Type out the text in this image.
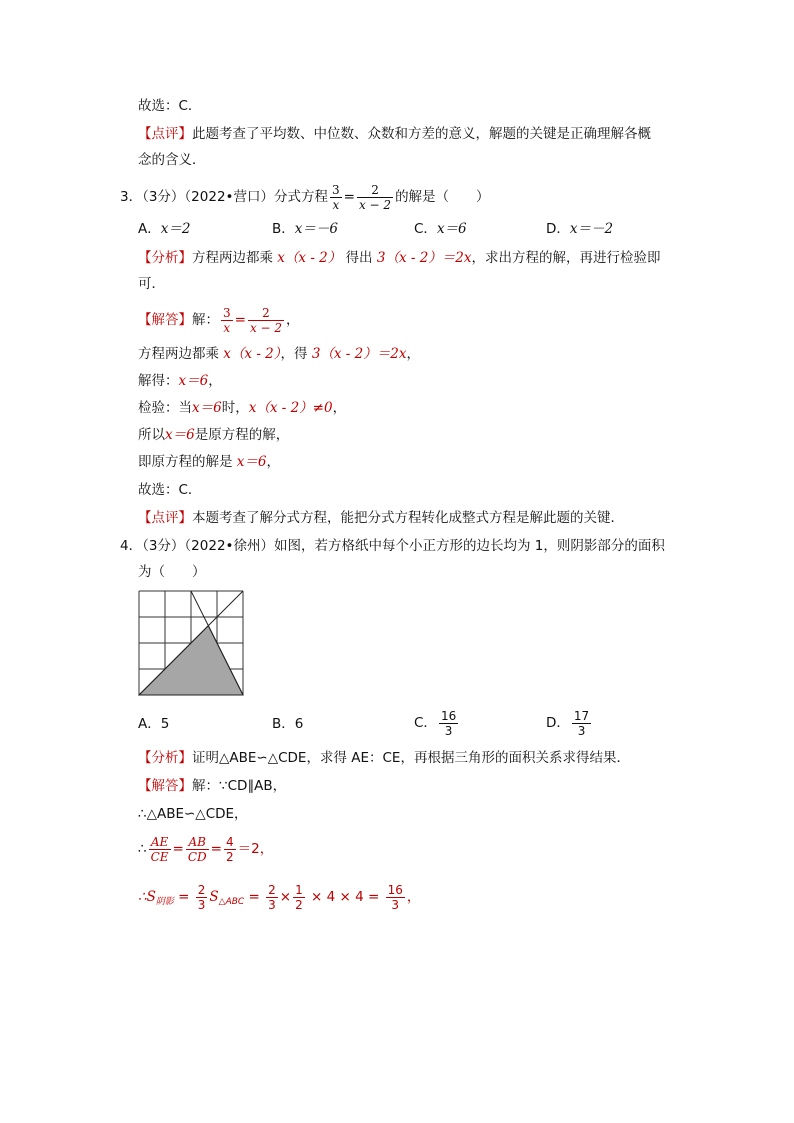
故选：C．
【点评】此题考查了平均数、中位数、众数和方差的意义，解题的关键是正确理解各概
念的含义．
3．（3分）（2022•营口）分式方程 $\frac{3}{x} = \frac{2}{x - 2}$ 的解是（　　）
A．x＝2	B．x＝－6	C．x＝6	D．x＝－2
【分析】方程两边都乘 x（x - 2） 得出 3（x - 2）＝2x，求出方程的解，再进行检验即
可．
【解答】解： $\frac{3}{x} = \frac{2}{x - 2}$ ，
方程两边都乘 x（x - 2），得 3（x - 2）＝2x，
解得：x＝6，
检验：当x＝6时，x（x - 2）≠0，
所以x＝6是原方程的解，
即原方程的解是 x＝6，
故选：C．
【点评】本题考查了解分式方程，能把分式方程转化成整式方程是解此题的关键．
4．（3分）（2022•徐州）如图，若方格纸中每个小正方形的边长均为 1，则阴影部分的面积
为（　　）
A．5	B．6	C． $\frac{16}{3}$	D． $\frac{17}{3}$
【分析】证明△ABE∽△CDE，求得 AE：CE，再根据三角形的面积关系求得结果．
【解答】解：∵CD∥AB，
∴△ABE∽△CDE，
∴ $\frac{AE}{CE} = \frac{AB}{CD} = \frac{4}{2} =2$，
$\therefore S_{阴影} = \frac{2}{3} S_{\triangle ABC} = \frac{2}{3} \times \frac{1}{2} \times 4 \times 4 = \frac{16}{3}$ ，
